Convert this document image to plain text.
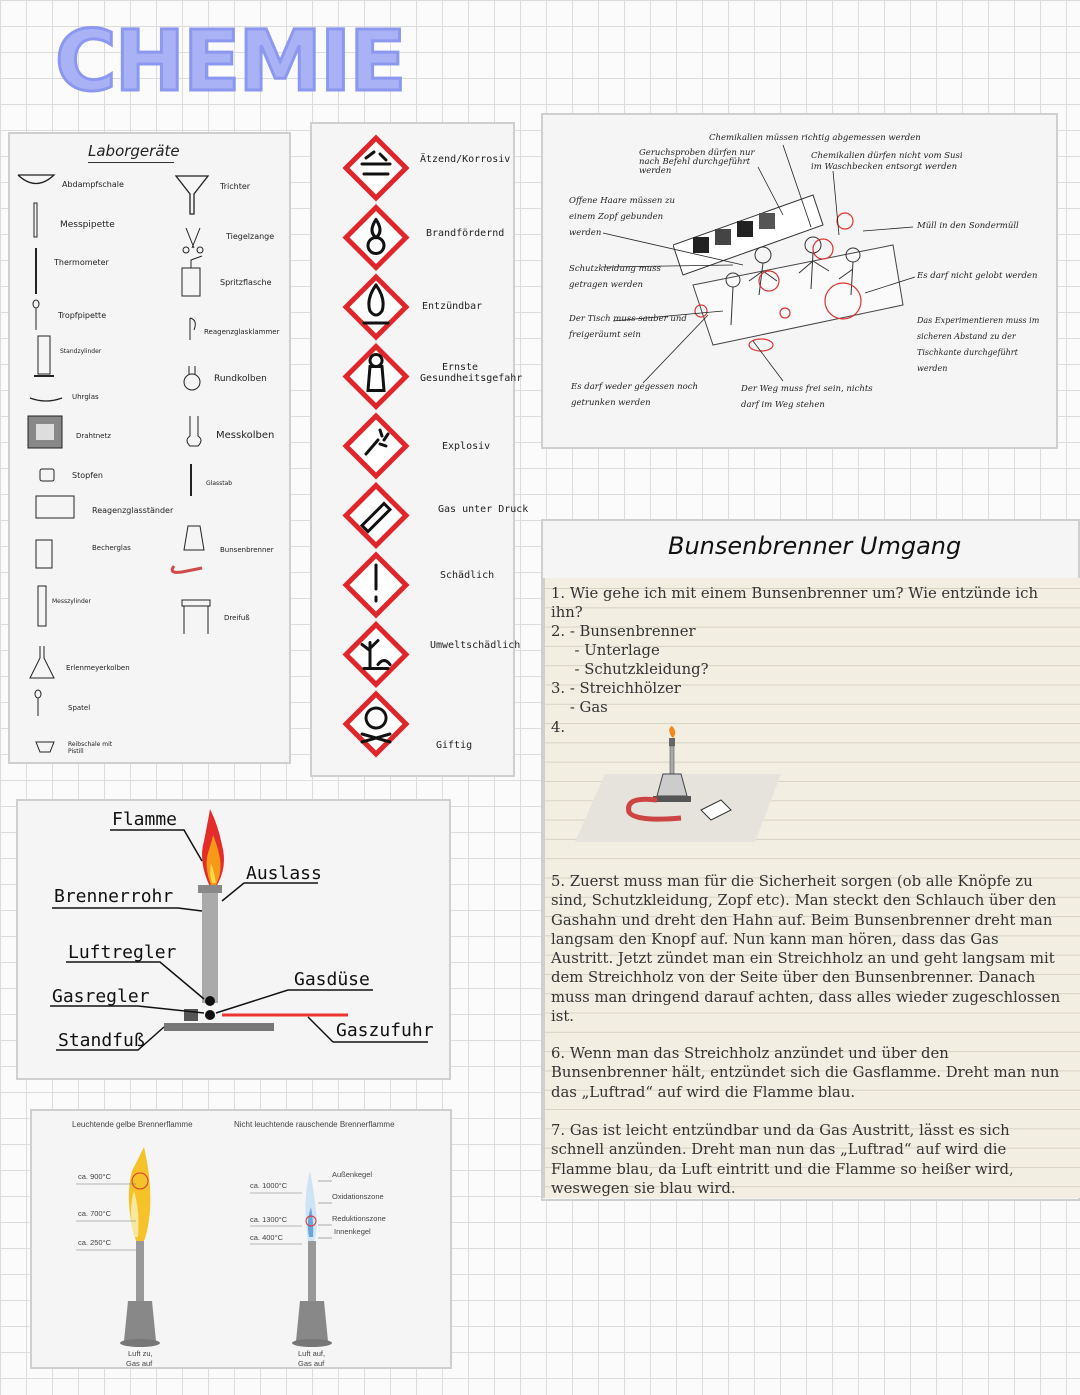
CHEMIE
Laborgeräte
Abdampfschale
Messpipette
Thermometer
Tropfpipette
Standzylinder
Uhrglas
Drahtnetz
Stopfen
Reagenzglasständer
Becherglas
Messzylinder
Erlenmeyerkolben
Spatel
Reibschale mit Pistill
Trichter
Tiegelzange
Spritzflasche
Reagenzglasklammer
Rundkolben
Messkolben
Glasstab
Bunsenbrenner
Dreifuß
Ätzend/Korrosiv
Brandfördernd
Entzündbar
Ernste Gesundheitsgefahr
Explosiv
Gas unter Druck
Schädlich
Umweltschädlich
Giftig
Chemikalien müssen richtig abgemessen werden
Geruchsproben dürfen nur nach Befehl durchgeführt werden
Chemikalien dürfen nicht vom Susi im Waschbecken entsorgt werden
Offene Haare müssen zu einem Zopf gebunden werden
Müll in den Sondermüll
Schutzkleidung muss getragen werden
Es darf nicht gelobt werden
Der Tisch muss sauber und freigeräumt sein
Das Experimentieren muss im sicheren Abstand zu der Tischkante durchgeführt werden
Es darf weder gegessen noch getrunken werden
Der Weg muss frei sein, nichts darf im Weg stehen
Bunsenbrenner Umgang
1. Wie gehe ich mit einem Bunsenbrenner um? Wie entzünde ich
ihn?
2. - Bunsenbrenner
- Unterlage
- Schutzkleidung?
3. - Streichhölzer
- Gas
4.
5. Zuerst muss man für die Sicherheit sorgen (ob alle Knöpfe zu
sind, Schutzkleidung, Zopf etc). Man steckt den Schlauch über den
Gashahn und dreht den Hahn auf. Beim Bunsenbrenner dreht man
langsam den Knopf auf. Nun kann man hören, dass das Gas
Austritt. Jetzt zündet man ein Streichholz an und geht langsam mit
dem Streichholz von der Seite über den Bunsenbrenner. Danach
muss man dringend darauf achten, dass alles wieder zugeschlossen
ist.
6. Wenn man das Streichholz anzündet und über den
Bunsenbrenner hält, entzündet sich die Gasflamme. Dreht man nun
das „Luftrad“ auf wird die Flamme blau.
7. Gas ist leicht entzündbar und da Gas Austritt, lässt es sich
schnell anzünden. Dreht man nun das „Luftrad“ auf wird die
Flamme blau, da Luft eintritt und die Flamme so heißer wird,
weswegen sie blau wird.
Flamme
Auslass
Brennerrohr
Luftregler
Gasdüse
Gasregler
Standfuß	Gaszufuhr
Leuchtende gelbe Brennerflamme	Nicht leuchtende rauschende Brennerflamme
ca. 900°C
ca. 700°C
ca. 250°C
ca. 1000°C
ca. 1300°C
ca. 400°C
Außenkegel
Oxidationszone
Reduktionszone
Innenkegel
Luft zu,
Gas auf
Luft auf,
Gas auf
